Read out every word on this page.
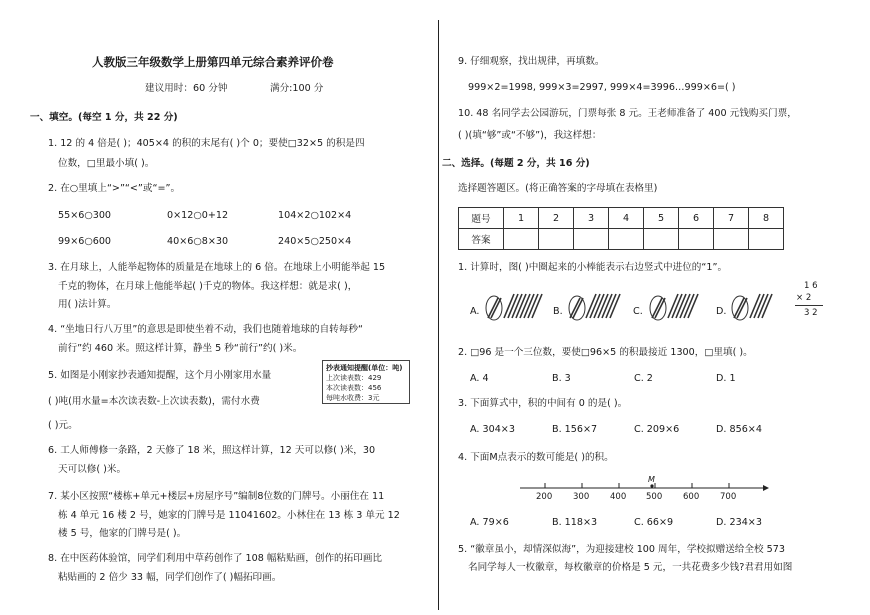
人教版三年级数学上册第四单元综合素养评价卷
建议用时：60 分钟	满分:100 分
一、填空。(每空 1 分，共 22 分)
1. 12 的 4 倍是( )；405×4 的积的末尾有( )个 0；要使□32×5 的积是四
位数，□里最小填( )。
2. 在○里填上“>”“<”或“=”。
55×6○300	0×12○0+12	104×2○102×4
99×6○600	40×6○8×30	240×5○250×4
3. 在月球上，人能举起物体的质量是在地球上的 6 倍。在地球上小明能举起 15
千克的物体，在月球上他能举起( )千克的物体。我这样想：就是求( )，
用( )法计算。
4. “坐地日行八万里”的意思是即使坐着不动，我们也随着地球的自转每秒“
前行”约 460 米。照这样计算，静坐 5 秒“前行”约( )米。
5. 如图是小刚家抄表通知提醒，这个月小刚家用水量
( )吨(用水量=本次读表数-上次读表数)，需付水费
( )元。
抄表通知提醒(单位：吨)
上次读表数：429
本次读表数：456
每吨水收费：3元
6. 工人师傅修一条路，2 天修了 18 米，照这样计算，12 天可以修( )米，30
天可以修( )米。
7. 某小区按照“楼栋+单元+楼层+房屋序号”编制8位数的门牌号。小丽住在 11
栋 4 单元 16 楼 2 号，她家的门牌号是 11041602。小林住在 13 栋 3 单元 12
楼 5 号，他家的门牌号是( )。
8. 在中医药体验馆，同学们利用中草药创作了 108 幅粘贴画，创作的拓印画比
粘贴画的 2 倍少 33 幅，同学们创作了( )幅拓印画。
9. 仔细观察，找出规律，再填数。
999×2=1998, 999×3=2997, 999×4=3996…999×6=( )
10. 48 名同学去公园游玩，门票每张 8 元。王老师准备了 400 元钱购买门票，
( )(填“够”或“不够”)，我这样想：
二、选择。(每题 2 分，共 16 分)
选择题答题区。(将正确答案的字母填在表格里)
题号	1	2	3	4	5	6	7	8
答案								
1. 计算时，图( )中圈起来的小棒能表示右边竖式中进位的“1”。
A.	B.	C.	D.
1 6
× 2
3 2
2. □96 是一个三位数，要使□96×5 的积最接近 1300，□里填( )。
A. 4	B. 3	C. 2	D. 1
3. 下面算式中，积的中间有 0 的是( )。
A. 304×3	B. 156×7	C. 209×6	D. 856×4
4. 下面M点表示的数可能是( )的积。
M
200 300 400 500 600 700
A. 79×6	B. 118×3	C. 66×9	D. 234×3
5. “徽章虽小，却情深似海”，为迎接建校 100 周年，学校拟赠送给全校 573
名同学每人一枚徽章，每枚徽章的价格是 5 元，一共花费多少钱?君君用如图
